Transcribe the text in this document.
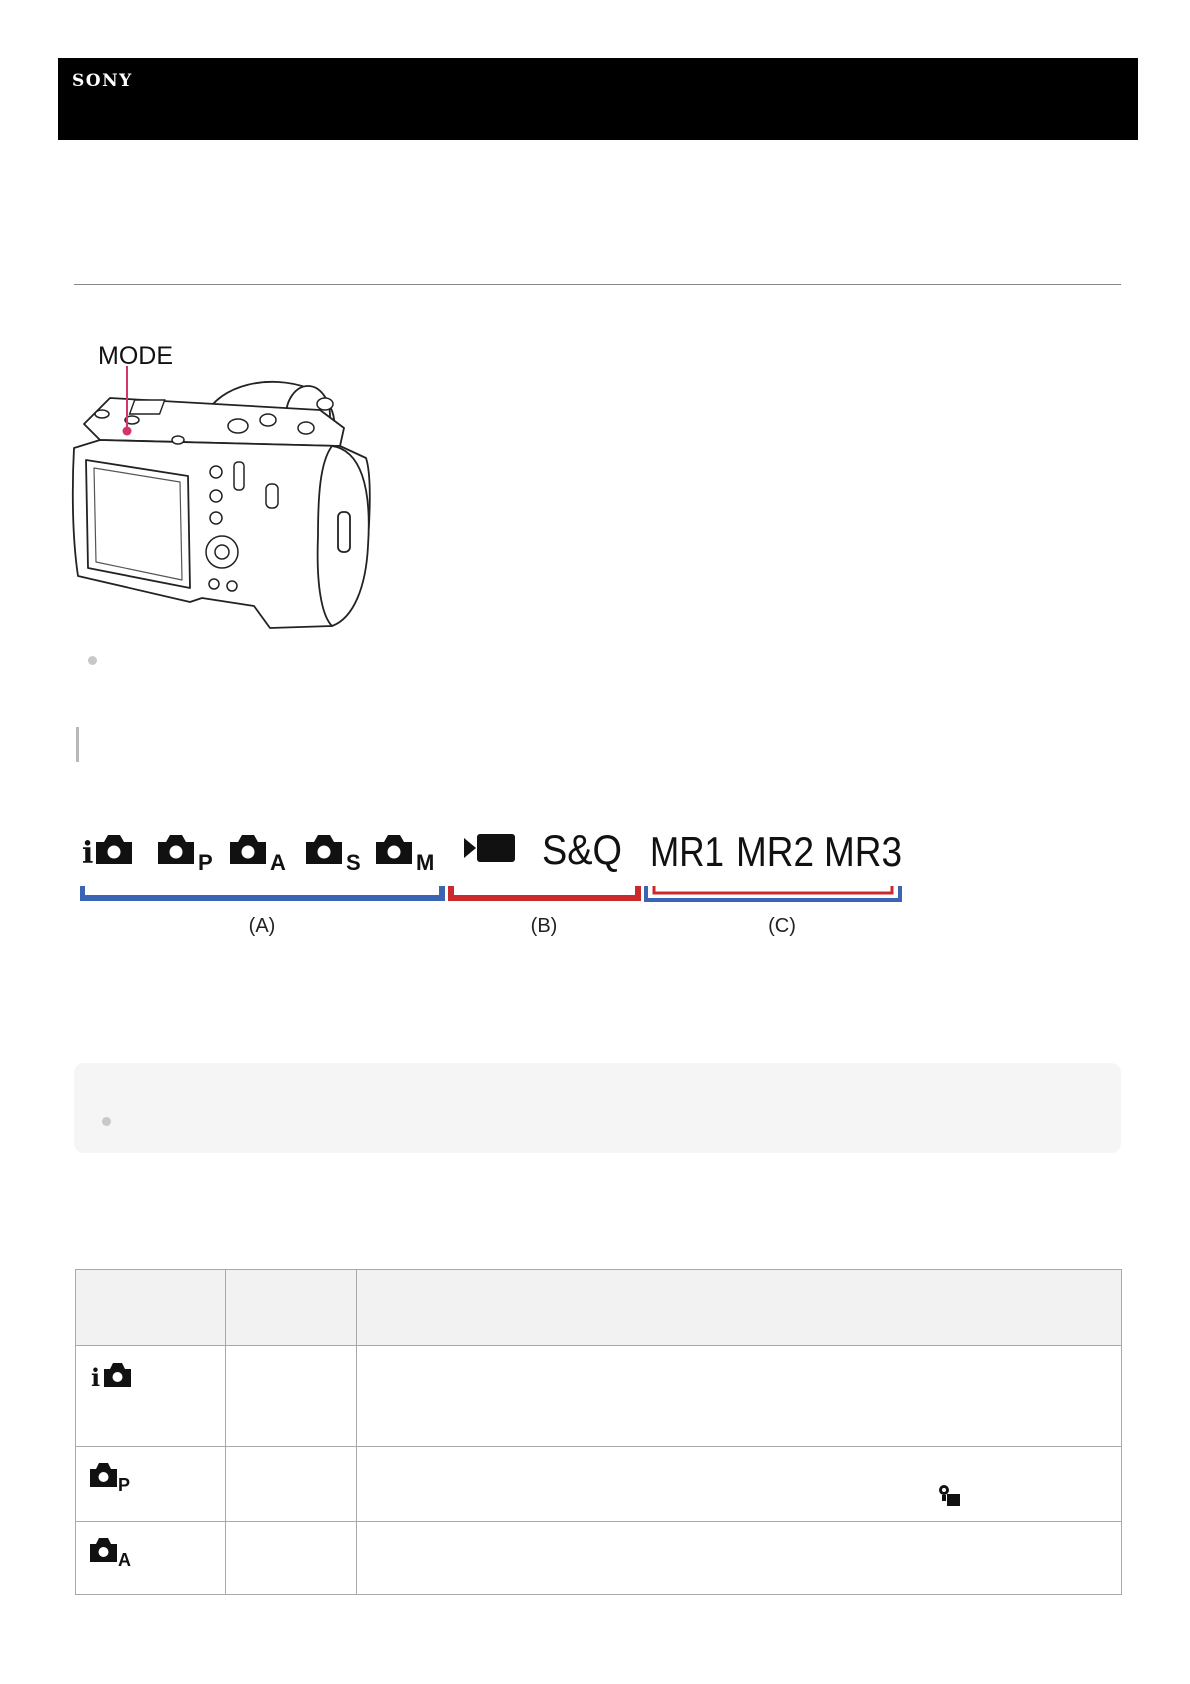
SONY
MODE
i	P	A	S	M	S&Q MR1 MR2 MR3
(A)	(B)	(C)

i		

P

A		
